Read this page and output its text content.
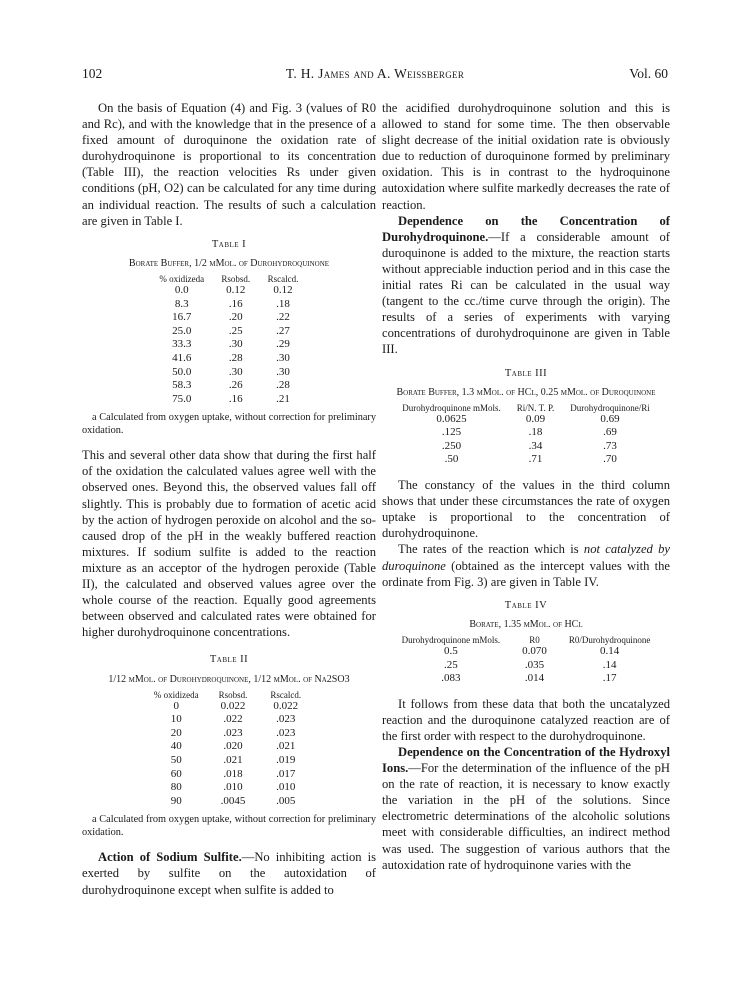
102	T. H. James and A. Weissberger	Vol. 60

On the basis of Equation (4) and Fig. 3 (values of R0 and Rc), and with the knowledge that in the presence of a fixed amount of duroquinone the oxidation rate of durohydroquinone is proportional to its concentration (Table III), the reaction velocities Rs under given conditions (pH, O2) can be calculated for any time during an individual reaction. The results of such a calculation are given in Table I.

Table I
Borate Buffer, 1/2 mMol. of Durohydroquinone
% oxidizeda	Rsobsd.	Rscalcd.
0.0	0.12	0.12
8.3	.16	.18
16.7	.20	.22
25.0	.25	.27
33.3	.30	.29
41.6	.28	.30
50.0	.30	.30
58.3	.26	.28
75.0	.16	.21
a Calculated from oxygen uptake, without correction for preliminary oxidation.

This and several other data show that during the first half of the oxidation the calculated values agree well with the observed ones. Beyond this, the observed values fall off slightly. This is probably due to formation of acetic acid by the action of hydrogen peroxide on alcohol and the so-caused drop of the pH in the weakly buffered reaction mixtures. If sodium sulfite is added to the reaction mixture as an acceptor of the hydrogen peroxide (Table II), the calculated and observed values agree over the whole course of the reaction. Equally good agreements between observed and calculated rates were obtained for higher durohydroquinone concentrations.

Table II
1/12 mMol. of Durohydroquinone, 1/12 mMol. of Na2SO3
% oxidizeda	Rsobsd.	Rscalcd.
0	0.022	0.022
10	.022	.023
20	.023	.023
40	.020	.021
50	.021	.019
60	.018	.017
80	.010	.010
90	.0045	.005
a Calculated from oxygen uptake, without correction for preliminary oxidation.

Action of Sodium Sulfite.—No inhibiting action is exerted by sulfite on the autoxidation of durohydroquinone except when sulfite is added to

the acidified durohydroquinone solution and this is allowed to stand for some time. The then observable slight decrease of the initial oxidation rate is obviously due to reduction of duroquinone formed by preliminary oxidation. This is in contrast to the hydroquinone autoxidation where sulfite markedly decreases the rate of reaction.

Dependence on the Concentration of Durohydroquinone.—If a considerable amount of duroquinone is added to the mixture, the reaction starts without appreciable induction period and in this case the initial rates Ri can be calculated in the usual way (tangent to the cc./time curve through the origin). The results of a series of experiments with varying concentrations of durohydroquinone are given in Table III.

Table III
Borate Buffer, 1.3 mMol. of HCl, 0.25 mMol. of Duroquinone
Durohydroquinone mMols.	Ri/N. T. P.	Durohydroquinone/Ri
0.0625	0.09	0.69
.125	.18	.69
.250	.34	.73
.50	.71	.70

The constancy of the values in the third column shows that under these circumstances the rate of oxygen uptake is proportional to the concentration of durohydroquinone.

The rates of the reaction which is not catalyzed by duroquinone (obtained as the intercept values with the ordinate from Fig. 3) are given in Table IV.

Table IV
Borate, 1.35 mMol. of HCl
Durohydroquinone mMols.	R0	R0/Durohydroquinone
0.5	0.070	0.14
.25	.035	.14
.083	.014	.17

It follows from these data that both the uncatalyzed reaction and the duroquinone catalyzed reaction are of the first order with respect to the durohydroquinone.

Dependence on the Concentration of the Hydroxyl Ions.—For the determination of the influence of the pH on the rate of reaction, it is necessary to know exactly the variation in the pH of the solutions. Since electrometric determinations of the alcoholic solutions meet with considerable difficulties, an indirect method was used. The suggestion of various authors that the autoxidation rate of hydroquinone varies with the
